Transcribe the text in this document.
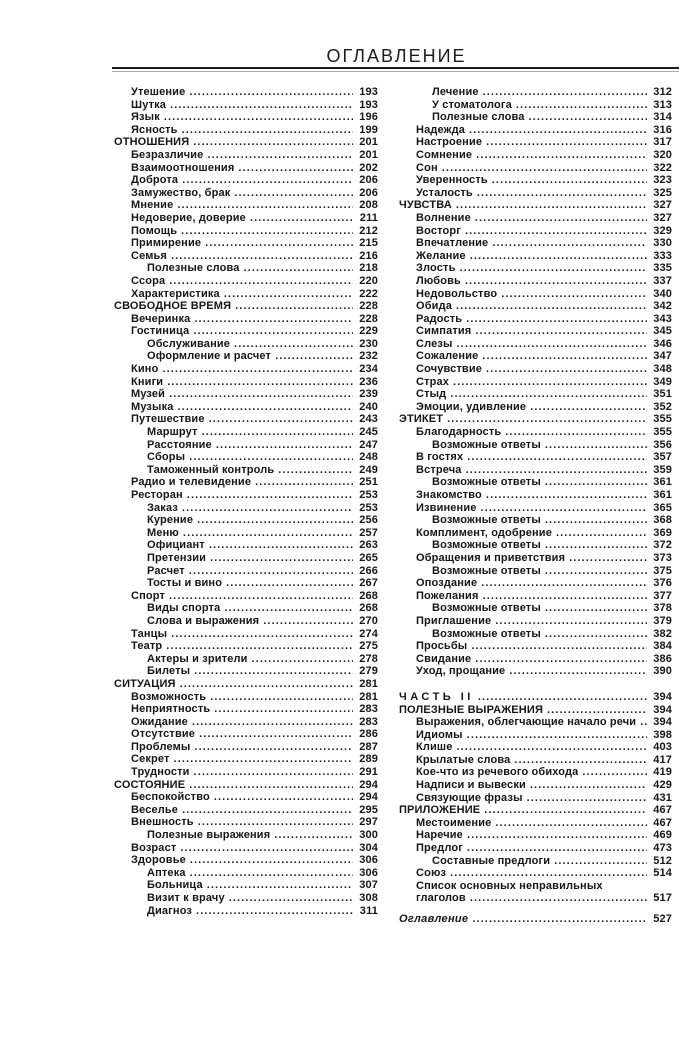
ОГЛАВЛЕНИЕ
Утешение .....	193
Шутка .....	193
Язык .....	196
Ясность .....	199
ОТНОШЕНИЯ .....	201
Безразличие .....	201
Взаимоотношения .....	202
Доброта .....	206
Замужество, брак .....	206
Мнение .....	208
Недоверие, доверие .....	211
Помощь .....	212
Примирение .....	215
Семья .....	216
Полезные слова .....	218
Ссора .....	220
Характеристика .....	222
СВОБОДНОЕ ВРЕМЯ .....	228
Вечеринка .....	228
Гостиница .....	229
Обслуживание .....	230
Оформление и расчет .....	232
Кино .....	234
Книги .....	236
Музей .....	239
Музыка .....	240
Путешествие .....	243
Маршрут .....	245
Расстояние .....	247
Сборы .....	248
Таможенный контроль .....	249
Радио и телевидение .....	251
Ресторан .....	253
Заказ .....	253
Курение .....	256
Меню .....	257
Официант .....	263
Претензии .....	265
Расчет .....	266
Тосты и вино .....	267
Спорт .....	268
Виды спорта .....	268
Слова и выражения .....	270
Танцы .....	274
Театр .....	275
Актеры и зрители .....	278
Билеты .....	279
СИТУАЦИЯ .....	281
Возможность .....	281
Неприятность .....	283
Ожидание .....	283
Отсутствие .....	286
Проблемы .....	287
Секрет .....	289
Трудности .....	291
СОСТОЯНИЕ .....	294
Беспокойство .....	294
Веселье .....	295
Внешность .....	297
Полезные выражения .....	300
Возраст .....	304
Здоровье .....	306
Аптека .....	306
Больница .....	307
Визит к врачу .....	308
Диагноз .....	311
Лечение .....	312
У стоматолога .....	313
Полезные слова .....	314
Надежда .....	316
Настроение .....	317
Сомнение .....	320
Сон .....	322
Уверенность .....	323
Усталость .....	325
ЧУВСТВА .....	327
Волнение .....	327
Восторг .....	329
Впечатление .....	330
Желание .....	333
Злость .....	335
Любовь .....	337
Недовольство .....	340
Обида .....	342
Радость .....	343
Симпатия .....	345
Слезы .....	346
Сожаление .....	347
Сочувствие .....	348
Страх .....	349
Стыд .....	351
Эмоции, удивление .....	352
ЭТИКЕТ .....	355
Благодарность .....	355
Возможные ответы .....	356
В гостях .....	357
Встреча .....	359
Возможные ответы .....	361
Знакомство .....	361
Извинение .....	365
Возможные ответы .....	368
Комплимент, одобрение .....	369
Возможные ответы .....	372
Обращения и приветствия .....	373
Возможные ответы .....	375
Опоздание .....	376
Пожелания .....	377
Возможные ответы .....	378
Приглашение .....	379
Возможные ответы .....	382
Просьбы .....	384
Свидание .....	386
Уход, прощание .....	390
ЧАСТЬ II .....	394
ПОЛЕЗНЫЕ ВЫРАЖЕНИЯ .....	394
Выражения, облегчающие начало речи ..... 394
Идиомы .....	398
Клише .....	403
Крылатые слова .....	417
Кое-что из речевого обихода .....	419
Надписи и вывески .....	429
Связующие фразы .....	431
ПРИЛОЖЕНИЕ .....	467
Местоимение .....	467
Наречие .....	469
Предлог .....	473
Составные предлоги .....	512
Союз .....	514
Список основных неправильных
глаголов .....	517
Оглавление .....	527
